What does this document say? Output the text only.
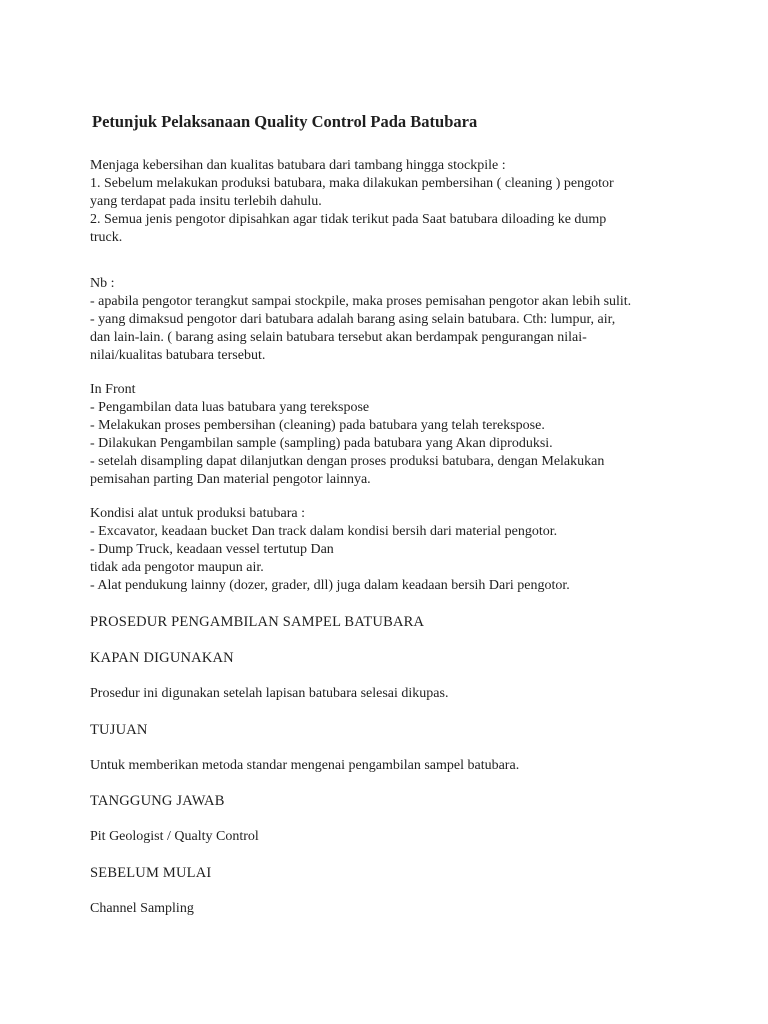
Petunjuk Pelaksanaan Quality Control Pada Batubara
Menjaga kebersihan dan kualitas batubara dari tambang hingga stockpile :
1. Sebelum melakukan produksi batubara, maka dilakukan pembersihan ( cleaning ) pengotor
yang terdapat pada insitu terlebih dahulu.
2. Semua jenis pengotor dipisahkan agar tidak terikut pada Saat batubara diloading ke dump
truck.
Nb :
- apabila pengotor terangkut sampai stockpile, maka proses pemisahan pengotor akan lebih sulit.
- yang dimaksud pengotor dari batubara adalah barang asing selain batubara. Cth: lumpur, air,
dan lain-lain. ( barang asing selain batubara tersebut akan berdampak pengurangan nilai-
nilai/kualitas batubara tersebut.
In Front
- Pengambilan data luas batubara yang terekspose
- Melakukan proses pembersihan (cleaning) pada batubara yang telah terekspose.
- Dilakukan Pengambilan sample (sampling) pada batubara yang Akan diproduksi.
- setelah disampling dapat dilanjutkan dengan proses produksi batubara, dengan Melakukan
pemisahan parting Dan material pengotor lainnya.
Kondisi alat untuk produksi batubara :
- Excavator, keadaan bucket Dan track dalam kondisi bersih dari material pengotor.
- Dump Truck, keadaan vessel tertutup Dan
tidak ada pengotor maupun air.
- Alat pendukung lainny (dozer, grader, dll) juga dalam keadaan bersih Dari pengotor.
PROSEDUR PENGAMBILAN SAMPEL BATUBARA
KAPAN DIGUNAKAN
Prosedur ini digunakan setelah lapisan batubara selesai dikupas.
TUJUAN
Untuk memberikan metoda standar mengenai pengambilan sampel batubara.
TANGGUNG JAWAB
Pit Geologist / Qualty Control
SEBELUM MULAI
Channel Sampling
